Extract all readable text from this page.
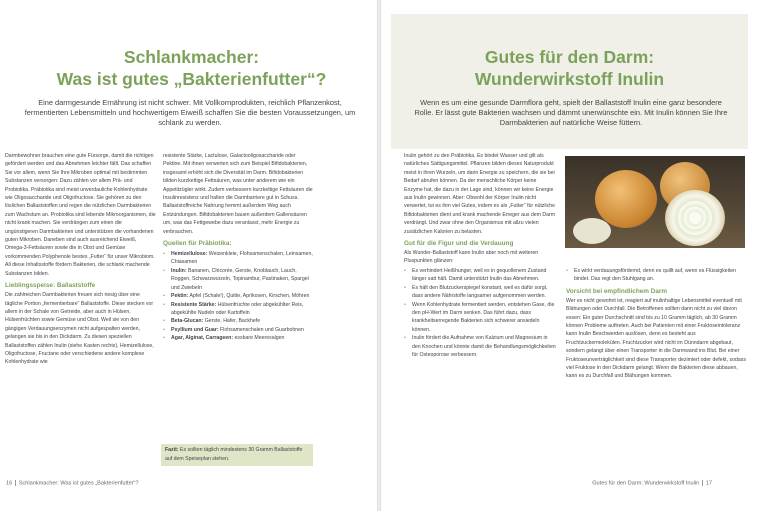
Schlankmacher:
Was ist gutes „Bakterienfutter“?
Eine darmgesunde Ernährung ist nicht schwer. Mit Vollkornprodukten, reichlich Pflanzenkost, fermentierten Lebensmitteln und hochwertigem Eiweiß schaffen Sie die besten Voraussetzungen, um schlank zu werden.

Darmbewohner brauchen eine gute Fürsorge, damit die richtigen gefördert werden und das Abnehmen leichter fällt. Das schaffen Sie vor allem, wenn Sie Ihre Mikroben optimal mit bestimmten Substanzen versorgen: Dazu zählen vor allem Prä- und Probiotika. Präbiotika sind meist unverdauliche Kohlenhydrate wie Oligosaccharide und Oligofructose. Sie gehören zu den löslichen Ballaststoffen und regen die nützlichen Darmbakterien zum Wachstum an. Probiotika sind lebende Mikroorganismen, die nicht krank machen. Sie verdrängen zum einen die ungünstigeren Darmbakterien und unterstützen die vorhandenen guten Mikroben. Daneben sind auch ausreichend Eiweiß, Omega-3-Fettsäuren sowie die in Obst und Gemüse vorkommenden Polyphenole bestes „Futter“ für unser Mikrobiom. All diese Inhaltsstoffe fördern Bakterien, die schlank machende Substanzen bilden.

Lieblingsspeise: Ballaststoffe

Die zahlreichen Darmbakterien freuen sich riesig über eine tägliche Portion „fermentierbare“ Ballaststoffe. Diese stecken vor allem in der Schale von Getreide, aber auch in Hülsen, Hülsenfrüchten sowie Gemüse und Obst. Weil sie von den gängigen Verdauungsenzymen nicht aufgespalten werden, gelangen sie bis in den Dickdarm. Zu diesen speziellen Ballaststoffen zählen Inulin (siehe Kasten rechts), Hemizellulose, Oligofructose, Fructane oder verschiedene andere komplexe Kohlenhydrate wie

resistente Stärke, Lactulose, Galactooligosaccharide oder Pektine. Mit ihnen verwerten sich zum Beispiel Bifidobakterien, insgesamt erhöht sich die Diversität im Darm. Bifidobakterien bilden kurzkettige Fettsäuren, was unter anderem wie ein Appetitzügler wirkt. Zudem verbessern kurzkettige Fettsäuren die Insulinresistenz und halten die Darmbarriere gut in Schuss. Ballaststoffreiche Nahrung hemmt außerdem Weg auch Entzündungen. Bifidobakterien bauen außerdem Gallensäuren um, was das Fettgewebe dazu veranlasst, mehr Energie zu verbrauchen.

Quellen für Präbiotika:
• Hemizellulose: Weizenkleie, Flohsamenschalen, Leinsamen, Chiasamen
• Inulin: Bananen, Chicorée, Gerste, Knoblauch, Lauch, Roggen, Schwarzwurzeln, Topinambur, Pastinaken, Spargel und Zwiebeln
• Pektin: Apfel (Schale!), Quitte, Aprikosen, Kirschen, Möhren
• Resistente Stärke: Hülsenfrüchte oder abgekühlter Reis, abgekühlte Nudeln oder Kartoffeln
• Beta-Glucan: Gerste, Hafer, Backhefe
• Psyllium und Guar: Flohsamenschalen und Guarbohnen
• Agar, Alginat, Carrageen: essbare Meeresalgen
Fazit: Es sollten täglich mindestens 30 Gramm Ballaststoffe auf dem Speiseplan stehen.
16 Schlankmacher: Was ist gutes „Bakterienfutter“?
Gutes für den Darm:
Wunderwirkstoff Inulin
Wenn es um eine gesunde Darmflora geht, spielt der Ballaststoff Inulin eine ganz besondere Rolle. Er lässt gute Bakterien wachsen und dämmt unerwünschte ein. Mit Inulin können Sie Ihre Darmbakterien auf natürliche Weise füttern.

Inulin gehört zu den Präbiotika. Es bindet Wasser und gilt als natürliches Sättigungsmittel. Pflanzen bilden dieses Naturprodukt meist in ihren Wurzeln, um darin Energie zu speichern, die sie bei Bedarf abrufen können. Da der menschliche Körper keine Enzyme hat, die dazu in der Lage sind, können wir keine Energie aus Inulin gewinnen. Aber: Obwohl der Körper Inulin nicht verwertet, tut es ihm viel Gutes, indem es als „Futter“ für nützliche Bifidobakterien dient und krank machende Erreger aus dem Darm verdrängt. Und zwar ohne den Organismus mit allzu vielen zusätzlichen Kalorien zu belasten.

Gut für die Figur und die Verdauung

Als Wunder-Ballaststoff kann Inulin aber noch mit weiteren Pluspunkten glänzen:

• Es verhindert Heißhunger, weil es in gequollenem Zustand länger satt hält. Damit unterstützt Inulin das Abnehmen.
• Es hält den Blutzuckerspiegel konstant, weil es dafür sorgt, dass andere Nährstoffe langsamer aufgenommen werden.
• Wenn Kohlenhydrate fermentiert werden, entstehen Gase, die den pH-Wert im Darm senken. Das führt dazu, dass krankheitserregende Bakterien sich schwerer ansiedeln können.
• Inulin fördert die Aufnahme von Kalzium und Magnesium in den Knochen und könnte damit die Behandlungsmöglichkeiten für Osteoporose verbessern.
• Es wirkt verdauungsfördernd, denn es quillt auf, wenn es Flüssigkeiten bindet. Das regt den Stuhlgang an.
Vorsicht bei empfindlichem Darm

Wer es nicht gewohnt ist, reagiert auf inulinhaltige Lebensmittel eventuell mit Blähungen oder Durchfall. Die Betroffenen sollten dann nicht zu viel davon essen: Ein guter Durchschnitt sind bis zu 10 Gramm täglich, ab 30 Gramm können Probleme auftreten. Auch bei Patienten mit einer Fruktoseintoleranz kann Inulin Beschwerden auslösen, denn es besteht aus Fruchtzuckermolekülen. Fruchtzucker wird nicht im Dünndarm abgebaut, sondern gelangt über einen Transporter in die Darmwand ins Blut. Bei einer Fruktoseunverträglichkeit sind diese Transporter dezimiert oder defekt, sodass viel Fruktose in den Dickdarm gelangt. Wenn die Bakterien diese abbauen, kann es zu Durchfall und Blähungen kommen.

Gutes für den Darm: Wunderwirkstoff Inulin 17
